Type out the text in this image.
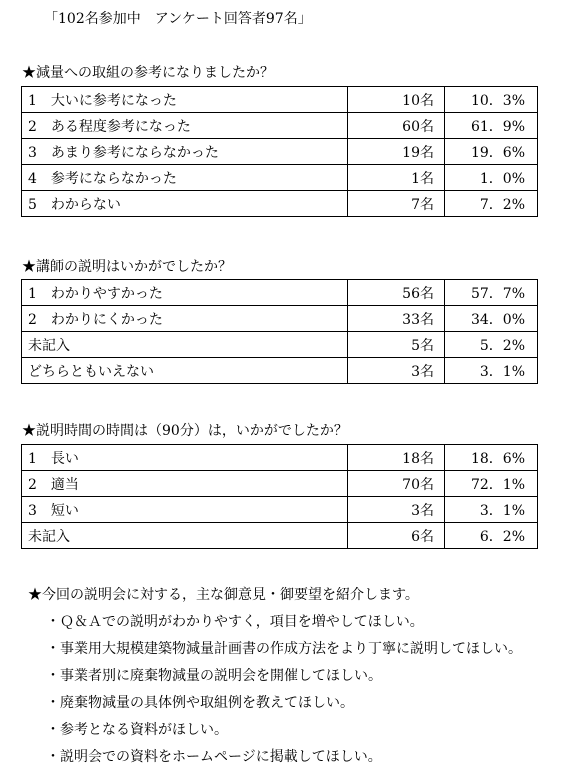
「102名参加中　アンケート回答者97名」
★減量への取組の参考になりましたか？
1　大いに参考になった	10名	10．3%
2　ある程度参考になった	60名	61．9%
3　あまり参考にならなかった	19名	19．6%
4　参考にならなかった	1名	1．0%
5　わからない	7名	7．2%
★講師の説明はいかがでしたか？
1　わかりやすかった	56名	57．7%
2　わかりにくかった	33名	34．0%
未記入	5名	5．2%
どちらともいえない	3名	3．1%
★説明時間の時間は（90分）は，いかがでしたか？
1　長い	18名	18．6%
2　適当	70名	72．1%
3　短い	3名	3．1%
未記入	6名	6．2%
★今回の説明会に対する，主な御意見・御要望を紹介します。
・ Ｑ＆Ａでの説明がわかりやすく，項目を増やしてほしい。
・ 事業用大規模建築物減量計画書の作成方法をより丁寧に説明してほしい。
・ 事業者別に廃棄物減量の説明会を開催してほしい。
・ 廃棄物減量の具体例や取組例を教えてほしい。
・ 参考となる資料がほしい。
・ 説明会での資料をホームページに掲載してほしい。
